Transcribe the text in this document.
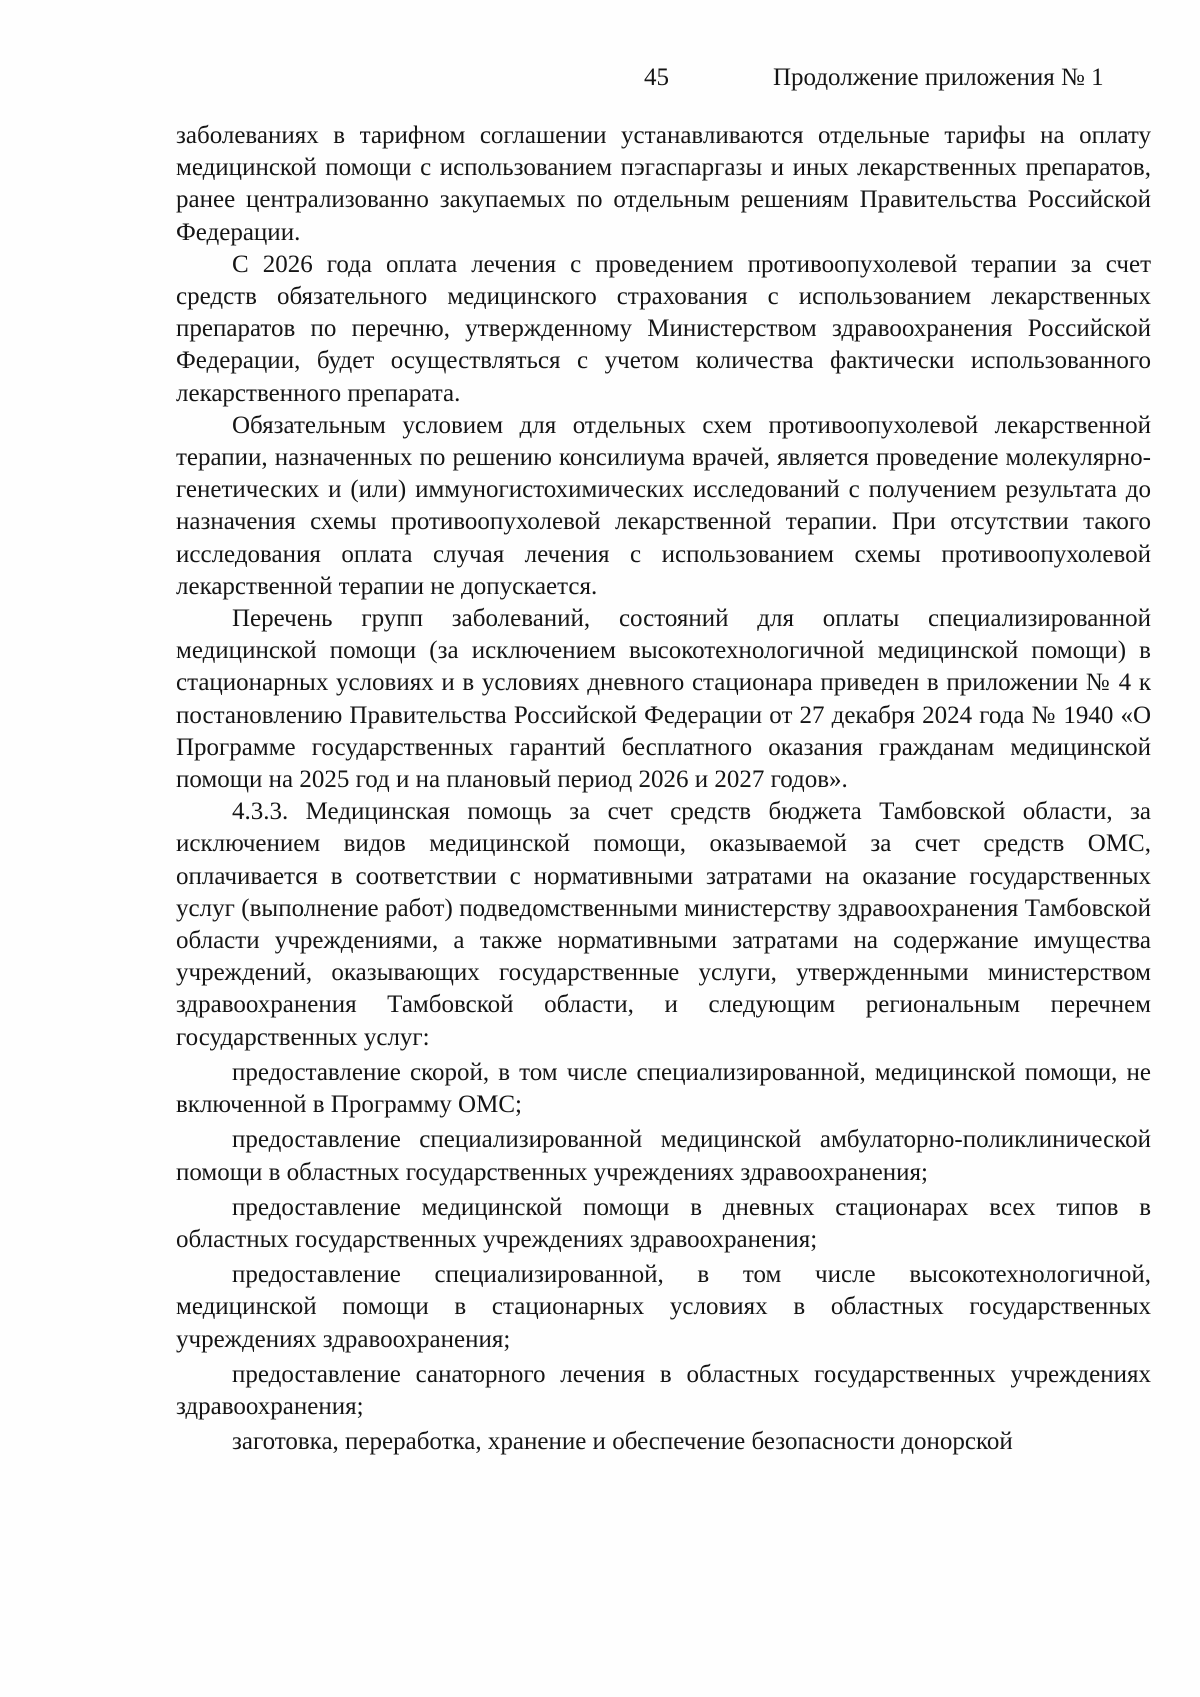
45	Продолжение приложения № 1

заболеваниях в тарифном соглашении устанавливаются отдельные тарифы на оплату медицинской помощи с использованием пэгаспаргазы и иных лекарственных препаратов, ранее централизованно закупаемых по отдельным решениям Правительства Российской Федерации.

С 2026 года оплата лечения с проведением противоопухолевой терапии за счет средств обязательного медицинского страхования с использованием лекарственных препаратов по перечню, утвержденному Министерством здравоохранения Российской Федерации, будет осуществляться с учетом количества фактически использованного лекарственного препарата.

Обязательным условием для отдельных схем противоопухолевой лекарственной терапии, назначенных по решению консилиума врачей, является проведение молекулярно-генетических и (или) иммуногистохимических исследований с получением результата до назначения схемы противоопухолевой лекарственной терапии. При отсутствии такого исследования оплата случая лечения с использованием схемы противоопухолевой лекарственной терапии не допускается.

Перечень групп заболеваний, состояний для оплаты специализированной медицинской помощи (за исключением высокотехнологичной медицинской помощи) в стационарных условиях и в условиях дневного стационара приведен в приложении № 4 к постановлению Правительства Российской Федерации от 27 декабря 2024 года № 1940 «О Программе государственных гарантий бесплатного оказания гражданам медицинской помощи на 2025 год и на плановый период 2026 и 2027 годов».

4.3.3. Медицинская помощь за счет средств бюджета Тамбовской области, за исключением видов медицинской помощи, оказываемой за счет средств ОМС, оплачивается в соответствии с нормативными затратами на оказание государственных услуг (выполнение работ) подведомственными министерству здравоохранения Тамбовской области учреждениями, а также нормативными затратами на содержание имущества учреждений, оказывающих государственные услуги, утвержденными министерством здравоохранения Тамбовской области, и следующим региональным перечнем государственных услуг:

предоставление скорой, в том числе специализированной, медицинской помощи, не включенной в Программу ОМС;

предоставление специализированной медицинской амбулаторно-поликлинической помощи в областных государственных учреждениях здравоохранения;

предоставление медицинской помощи в дневных стационарах всех типов в областных государственных учреждениях здравоохранения;

предоставление специализированной, в том числе высокотехнологичной, медицинской помощи в стационарных условиях в областных государственных учреждениях здравоохранения;

предоставление санаторного лечения в областных государственных учреждениях здравоохранения;

заготовка, переработка, хранение и обеспечение безопасности донорской
